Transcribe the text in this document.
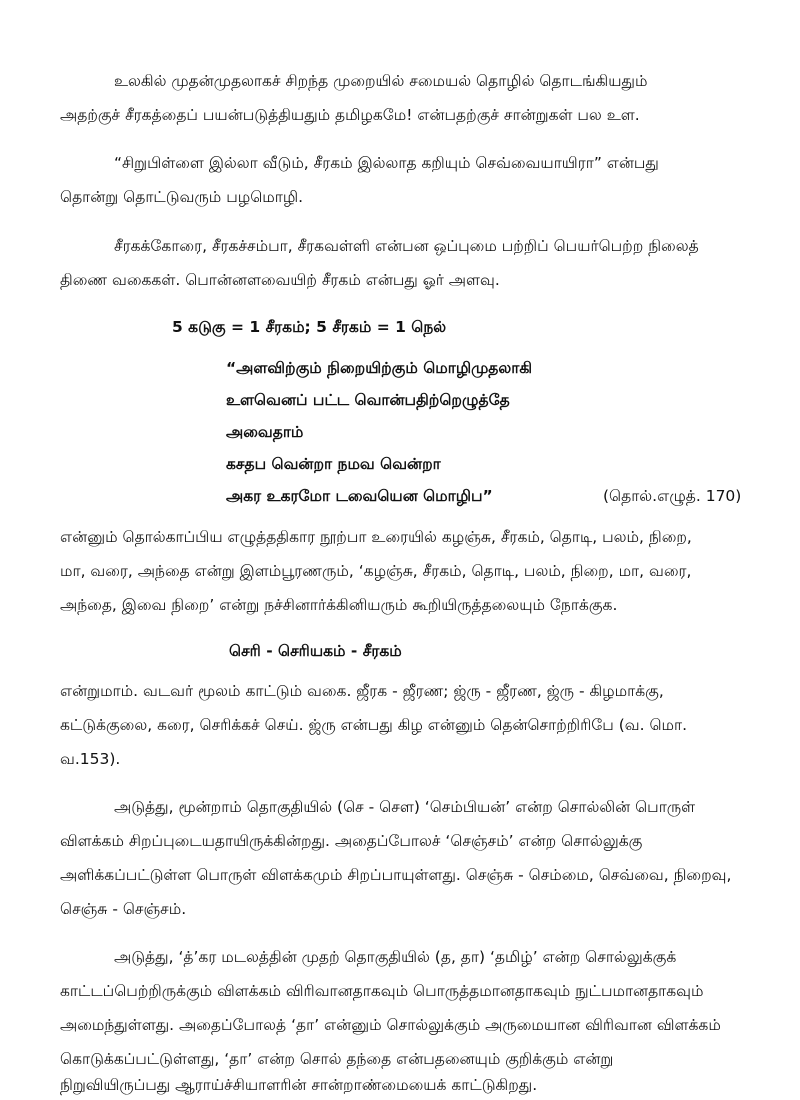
உலகில் முதன்முதலாகச் சிறந்த முறையில் சமையல் தொழில் தொடங்கியதும்
அதற்குச் சீரகத்தைப் பயன்படுத்தியதும் தமிழகமே! என்பதற்குச் சான்றுகள் பல உள.
“சிறுபிள்ளை இல்லா வீடும், சீரகம் இல்லாத கறியும் செவ்வையாயிரா” என்பது
தொன்று தொட்டுவரும் பழமொழி.
சீரகக்கோரை, சீரகச்சம்பா, சீரகவள்ளி என்பன ஒப்புமை பற்றிப் பெயர்பெற்ற நிலைத்
திணை வகைகள். பொன்னளவையிற் சீரகம் என்பது ஓர் அளவு.
5 கடுகு = 1 சீரகம்; 5 சீரகம் = 1 நெல்
“அளவிற்கும் நிறையிற்கும் மொழிமுதலாகி
உளவெனப் பட்ட வொன்பதிற்றெழுத்தே
அவைதாம்
கசதப வென்றா நமவ வென்றா
அகர உகரமோ டவையென மொழிப”	(தொல்.எழுத். 170)
என்னும் தொல்காப்பிய எழுத்ததிகார நூற்பா உரையில் கழஞ்சு, சீரகம், தொடி, பலம், நிறை,
மா, வரை, அந்தை என்று இளம்பூரணரும், ‘கழஞ்சு, சீரகம், தொடி, பலம், நிறை, மா, வரை,
அந்தை, இவை நிறை’ என்று நச்சினார்க்கினியரும் கூறியிருத்தலையும் நோக்குக.
செரி - செரியகம் - சீரகம்
என்றுமாம். வடவர் மூலம் காட்டும் வகை. ஜீரக - ஜீரண; ஜ்ரு - ஜீரண, ஜ்ரு - கிழமாக்கு,
கட்டுக்குலை, கரை, செரிக்கச் செய். ஜ்ரு என்பது கிழ என்னும் தென்சொற்றிரிபே (வ. மொ.
வ.153).
அடுத்து, மூன்றாம் தொகுதியில் (செ - செள) ‘செம்பியன்’ என்ற சொல்லின் பொருள்
விளக்கம் சிறப்புடையதாயிருக்கின்றது. அதைப்போலச் ‘செஞ்சம்’ என்ற சொல்லுக்கு
அளிக்கப்பட்டுள்ள பொருள் விளக்கமும் சிறப்பாயுள்ளது. செஞ்சு - செம்மை, செவ்வை, நிறைவு,
செஞ்சு - செஞ்சம்.
அடுத்து, ‘த்’கர மடலத்தின் முதற் தொகுதியில் (த, தா) ‘தமிழ்’ என்ற சொல்லுக்குக்
காட்டப்பெற்றிருக்கும் விளக்கம் விரிவானதாகவும் பொருத்தமானதாகவும் நுட்பமானதாகவும்
அமைந்துள்ளது. அதைப்போலத் ‘தா’ என்னும் சொல்லுக்கும் அருமையான விரிவான விளக்கம்
கொடுக்கப்பட்டுள்ளது, ‘தா’ என்ற சொல் தந்தை என்பதனையும் குறிக்கும் என்று
நிறுவியிருப்பது ஆராய்ச்சியாளரின் சான்றாண்மையைக் காட்டுகிறது.
